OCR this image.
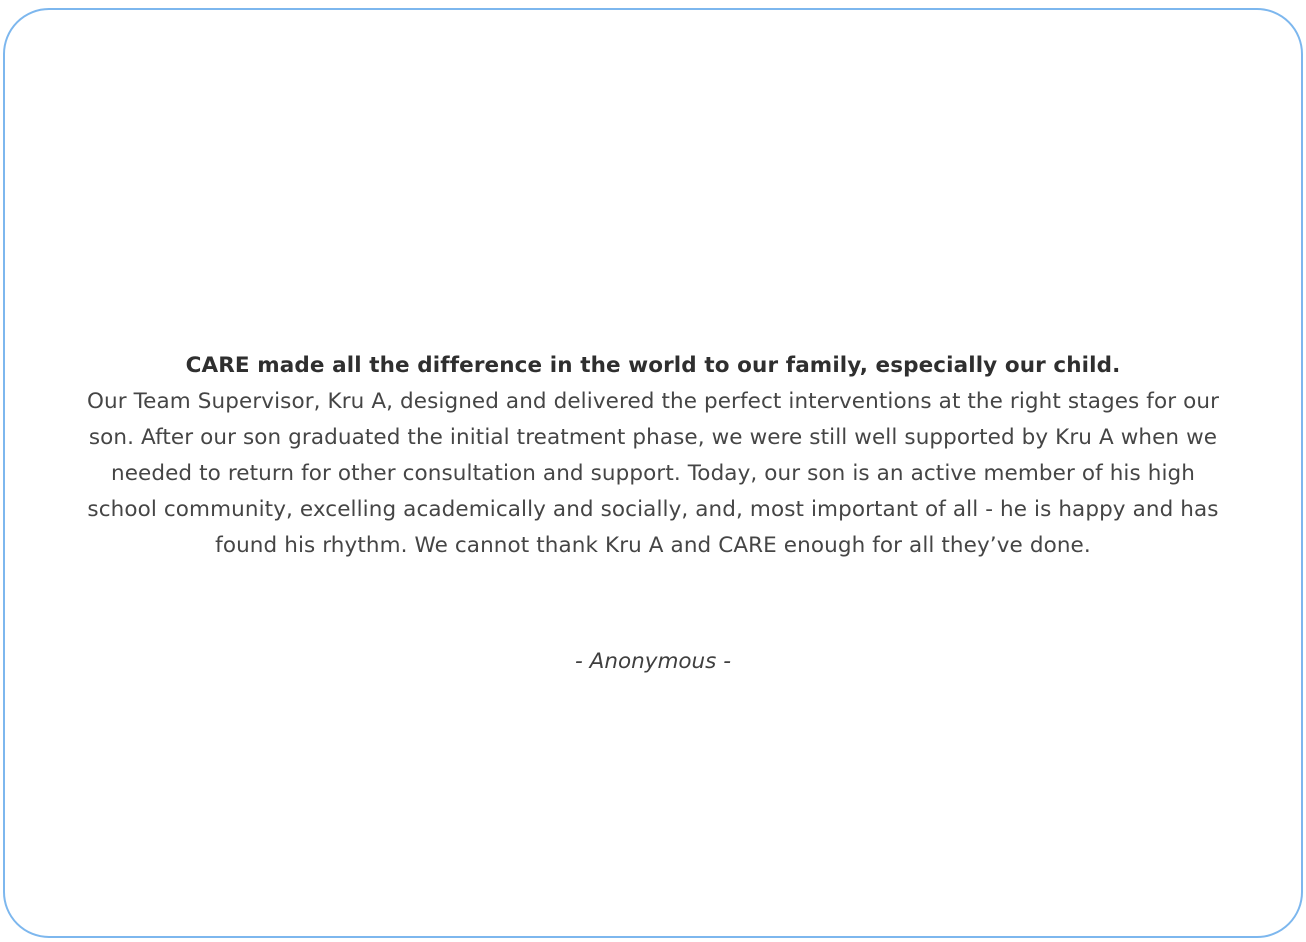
CARE made all the difference in the world to our family, especially our child.
Our Team Supervisor, Kru A, designed and delivered the perfect interventions at the right stages for our son. After our son graduated the initial treatment phase, we were still well supported by Kru A when we needed to return for other consultation and support. Today, our son is an active member of his high school community, excelling academically and socially, and, most important of all - he is happy and has found his rhythm. We cannot thank Kru A and CARE enough for all they’ve done.
- Anonymous -
